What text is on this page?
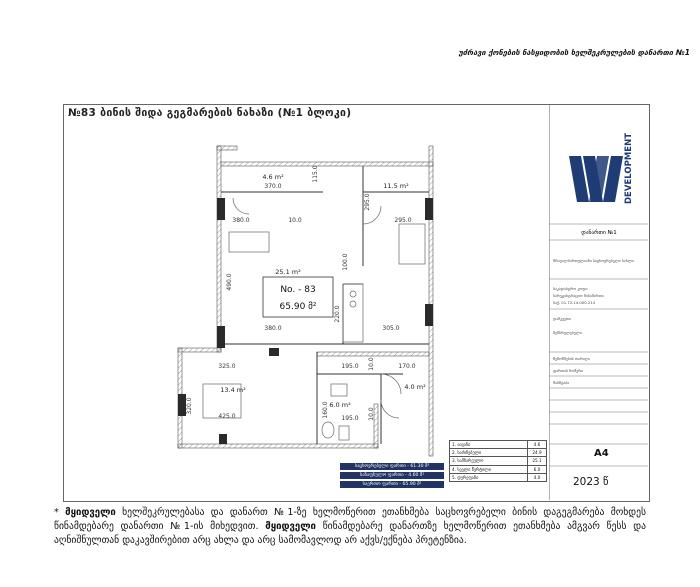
უძრავი ქონების ნასყიდობის ხელშეკრულების დანართი №1
№83 ბინის შიდა გეგმარების ნახაზი (№1 ბლოკი)
4.6 m²
11.5 m²
25.1 m²
13.4 m²
6.0 m²
4.0 m²
No. - 83
65.90 მ²
370.0
115.0
295.0
380.0	10.0	295.0
490.0
380.0	305.0
220.0
100.0
325.0	195.0	170.0
320.0
425.0	195.0
160.0
10.0
10.0
DEVELOPMENT
დანართი №1
მრავალსართულიანი საცხოვრებელი სახლი
საკადასტრო კოდი
სარეგისტრაციო მისამართი
საქ. 01.72.14.000.214
დამკვეთი
შემსრულებელი
შემოწმების თარიღი
ფართის ნომერი
მასშტაბი
საცხოვრებელი ფართი - 61.30 მ²
საზაფხულო ფართი - 4.60 მ²
საერთო ფართი - 65.90 მ²
1. აივანი	4.6
2. საძინებელი	24.9
3. სამზარეულო	25.1
4. სველი წერტილი	6.0
5. დერეფანი	4.0
A4
2023 წ
* მყიდველი ხელშეკრულებასა და დანართ №1-ზე ხელმოწერით ეთანხმება საცხოვრებელი ბინის დაგეგმარება მოხდეს წინამდებარე დანართი №1-ის მიხედვით. მყიდველი წინამდებარე დანართზე ხელმოწერით ეთანხმება ამგვარ წესს და აღნიშნულთან დაკავშირებით არც ახლა და არც სამომავლოდ არ აქვს/ექნება პრეტენზია.
